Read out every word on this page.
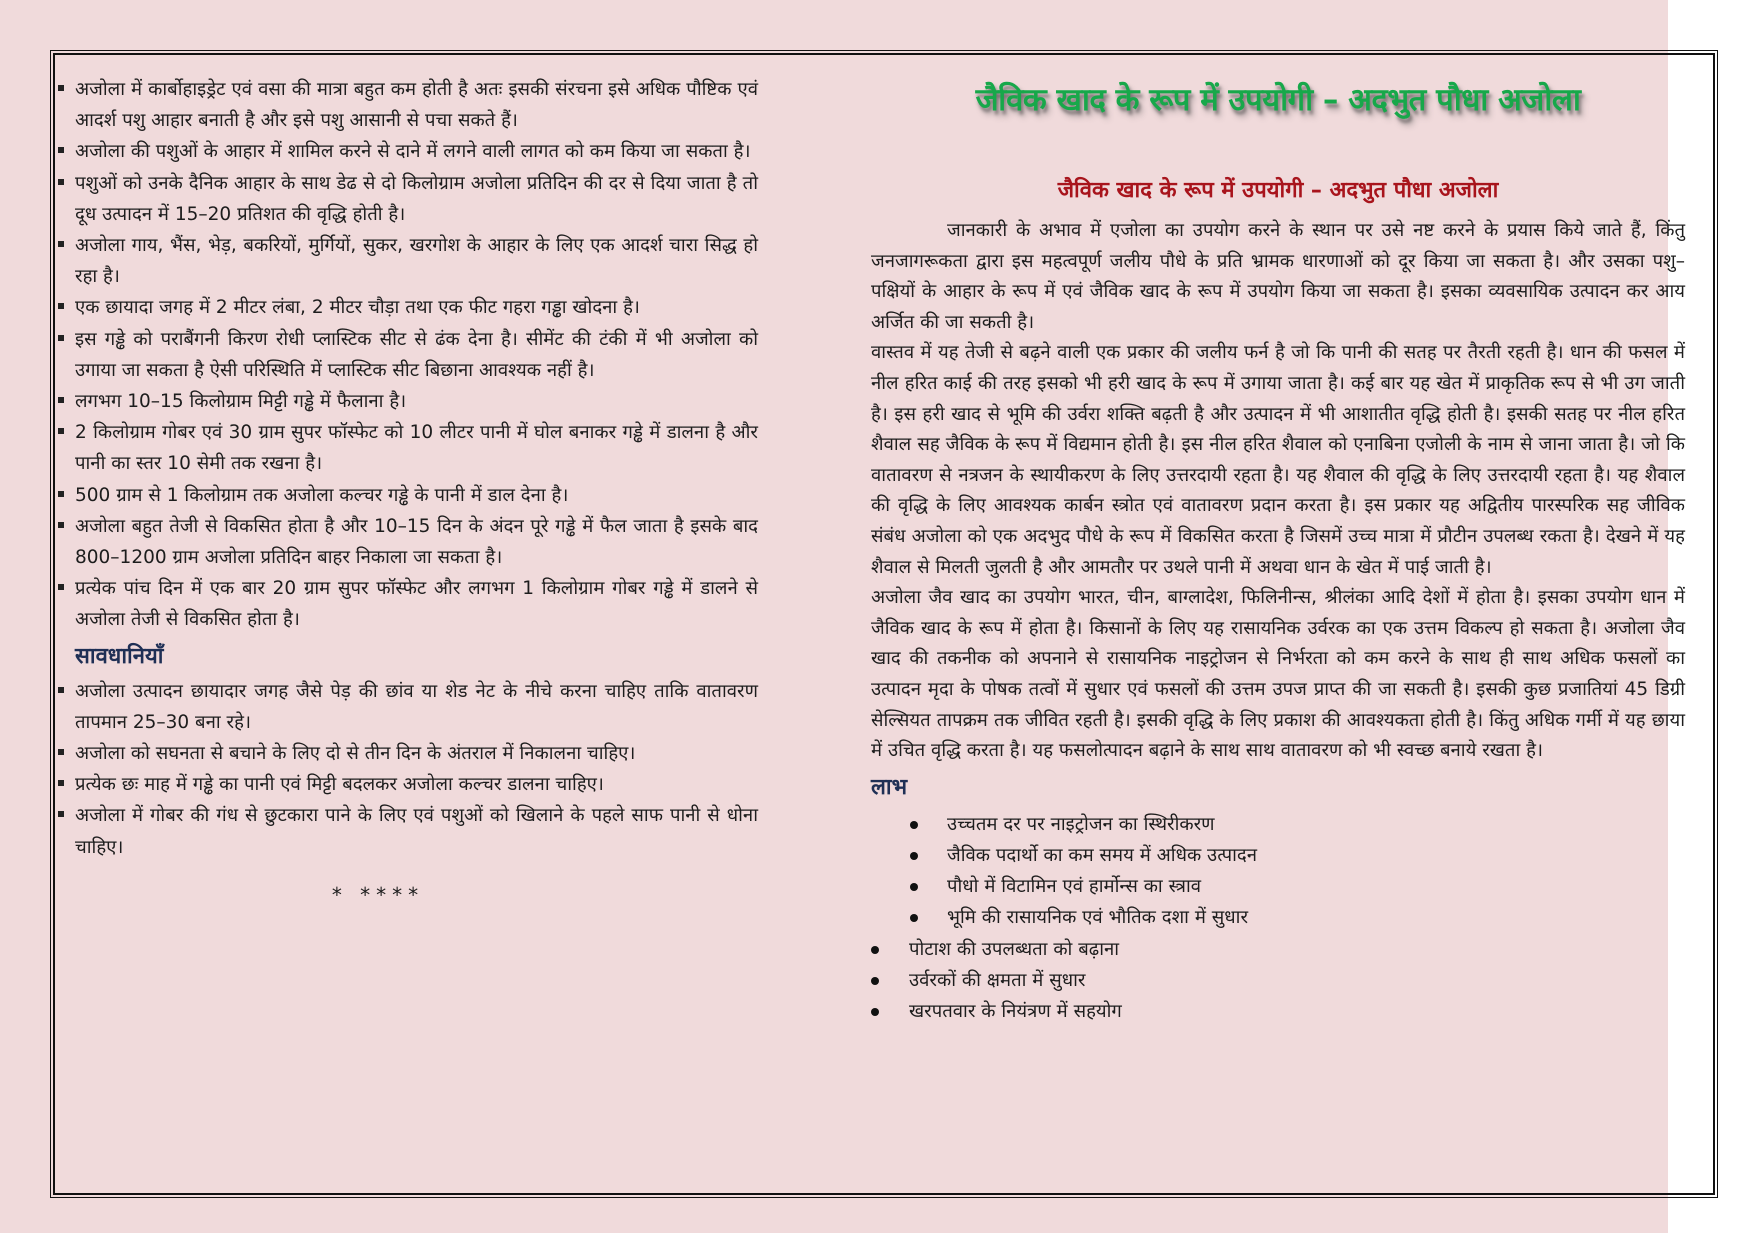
अजोला में कार्बोहाइड्रेट एवं वसा की मात्रा बहुत कम होती है अतः इसकी संरचना इसे अधिक पौष्टिक एवं आदर्श पशु आहार बनाती है और इसे पशु आसानी से पचा सकते हैं।
अजोला की पशुओं के आहार में शामिल करने से दाने में लगने वाली लागत को कम किया जा सकता है।
पशुओं को उनके दैनिक आहार के साथ डेढ से दो किलोग्राम अजोला प्रतिदिन की दर से दिया जाता है तो दूध उत्पादन में 15–20 प्रतिशत की वृद्धि होती है।
अजोला गाय, भैंस, भेड़, बकरियों, मुर्गियों, सुकर, खरगोश के आहार के लिए एक आदर्श चारा सिद्ध हो रहा है।
एक छायादा जगह में 2 मीटर लंबा, 2 मीटर चौड़ा तथा एक फीट गहरा गड्ढा खोदना है।
इस गड्ढे को पराबैंगनी किरण रोधी प्लास्टिक सीट से ढंक देना है। सीमेंट की टंकी में भी अजोला को उगाया जा सकता है ऐसी परिस्थिति में प्लास्टिक सीट बिछाना आवश्यक नहीं है।
लगभग 10–15 किलोग्राम मिट्टी गड्ढे में फैलाना है।
2 किलोग्राम गोबर एवं 30 ग्राम सुपर फॉस्फेट को 10 लीटर पानी में घोल बनाकर गड्ढे में डालना है और पानी का स्तर 10 सेमी तक रखना है।
500 ग्राम से 1 किलोग्राम तक अजोला कल्चर गड्ढे के पानी में डाल देना है।
अजोला बहुत तेजी से विकसित होता है और 10–15 दिन के अंदन पूरे गड्ढे में फैल जाता है इसके बाद 800–1200 ग्राम अजोला प्रतिदिन बाहर निकाला जा सकता है।
प्रत्येक पांच दिन में एक बार 20 ग्राम सुपर फॉस्फेट और लगभग 1 किलोग्राम गोबर गड्ढे में डालने से अजोला तेजी से विकसित होता है।
सावधानियाँ
अजोला उत्पादन छायादार जगह जैसे पेड़ की छांव या शेड नेट के नीचे करना चाहिए ताकि वातावरण तापमान 25–30 बना रहे।
अजोला को सघनता से बचाने के लिए दो से तीन दिन के अंतराल में निकालना चाहिए।
प्रत्येक छः माह में गड्ढे का पानी एवं मिट्टी बदलकर अजोला कल्चर डालना चाहिए।
अजोला में गोबर की गंध से छुटकारा पाने के लिए एवं पशुओं को खिलाने के पहले साफ पानी से धोना चाहिए।
* ****
जैविक खाद के रूप में उपयोगी – अदभुत पौधा अजोला
जैविक खाद के रूप में उपयोगी – अदभुत पौधा अजोला

जानकारी के अभाव में एजोला का उपयोग करने के स्थान पर उसे नष्ट करने के प्रयास किये जाते हैं, किंतु जनजागरूकता द्वारा इस महत्वपूर्ण जलीय पौधे के प्रति भ्रामक धारणाओं को दूर किया जा सकता है। और उसका पशु–पक्षियों के आहार के रूप में एवं जैविक खाद के रूप में उपयोग किया जा सकता है। इसका व्यवसायिक उत्पादन कर आय अर्जित की जा सकती है।

वास्तव में यह तेजी से बढ़ने वाली एक प्रकार की जलीय फर्न है जो कि पानी की सतह पर तैरती रहती है। धान की फसल में नील हरित काई की तरह इसको भी हरी खाद के रूप में उगाया जाता है। कई बार यह खेत में प्राकृतिक रूप से भी उग जाती है। इस हरी खाद से भूमि की उर्वरा शक्ति बढ़ती है और उत्पादन में भी आशातीत वृद्धि होती है। इसकी सतह पर नील हरित शैवाल सह जैविक के रूप में विद्यमान होती है। इस नील हरित शैवाल को एनाबिना एजोली के नाम से जाना जाता है। जो कि वातावरण से नत्रजन के स्थायीकरण के लिए उत्तरदायी रहता है। यह शैवाल की वृद्धि के लिए उत्तरदायी रहता है। यह शैवाल की वृद्धि के लिए आवश्यक कार्बन स्त्रोत एवं वातावरण प्रदान करता है। इस प्रकार यह अद्वितीय पारस्परिक सह जीविक संबंध अजोला को एक अदभुद पौधे के रूप में विकसित करता है जिसमें उच्च मात्रा में प्रौटीन उपलब्ध रकता है। देखने में यह शैवाल से मिलती जुलती है और आमतौर पर उथले पानी में अथवा धान के खेत में पाई जाती है।

अजोला जैव खाद का उपयोग भारत, चीन, बाग्लादेश, फिलिनीन्स, श्रीलंका आदि देशों में होता है। इसका उपयोग धान में जैविक खाद के रूप में होता है। किसानों के लिए यह रासायनिक उर्वरक का एक उत्तम विकल्प हो सकता है। अजोला जैव खाद की तकनीक को अपनाने से रासायनिक नाइट्रोजन से निर्भरता को कम करने के साथ ही साथ अधिक फसलों का उत्पादन मृदा के पोषक तत्वों में सुधार एवं फसलों की उत्तम उपज प्राप्त की जा सकती है। इसकी कुछ प्रजातियां 45 डिग्री सेल्सियत तापक्रम तक जीवित रहती है। इसकी वृद्धि के लिए प्रकाश की आवश्यकता होती है। किंतु अधिक गर्मी में यह छाया में उचित वृद्धि करता है। यह फसलोत्पादन बढ़ाने के साथ साथ वातावरण को भी स्वच्छ बनाये रखता है।

लाभ
उच्चतम दर पर नाइट्रोजन का स्थिरीकरण
जैविक पदार्थो का कम समय में अधिक उत्पादन
पौधो में विटामिन एवं हार्मोन्स का स्त्राव
भूमि की रासायनिक एवं भौतिक दशा में सुधार
पोटाश की उपलब्धता को बढ़ाना
उर्वरकों की क्षमता में सुधार
खरपतवार के नियंत्रण में सहयोग
